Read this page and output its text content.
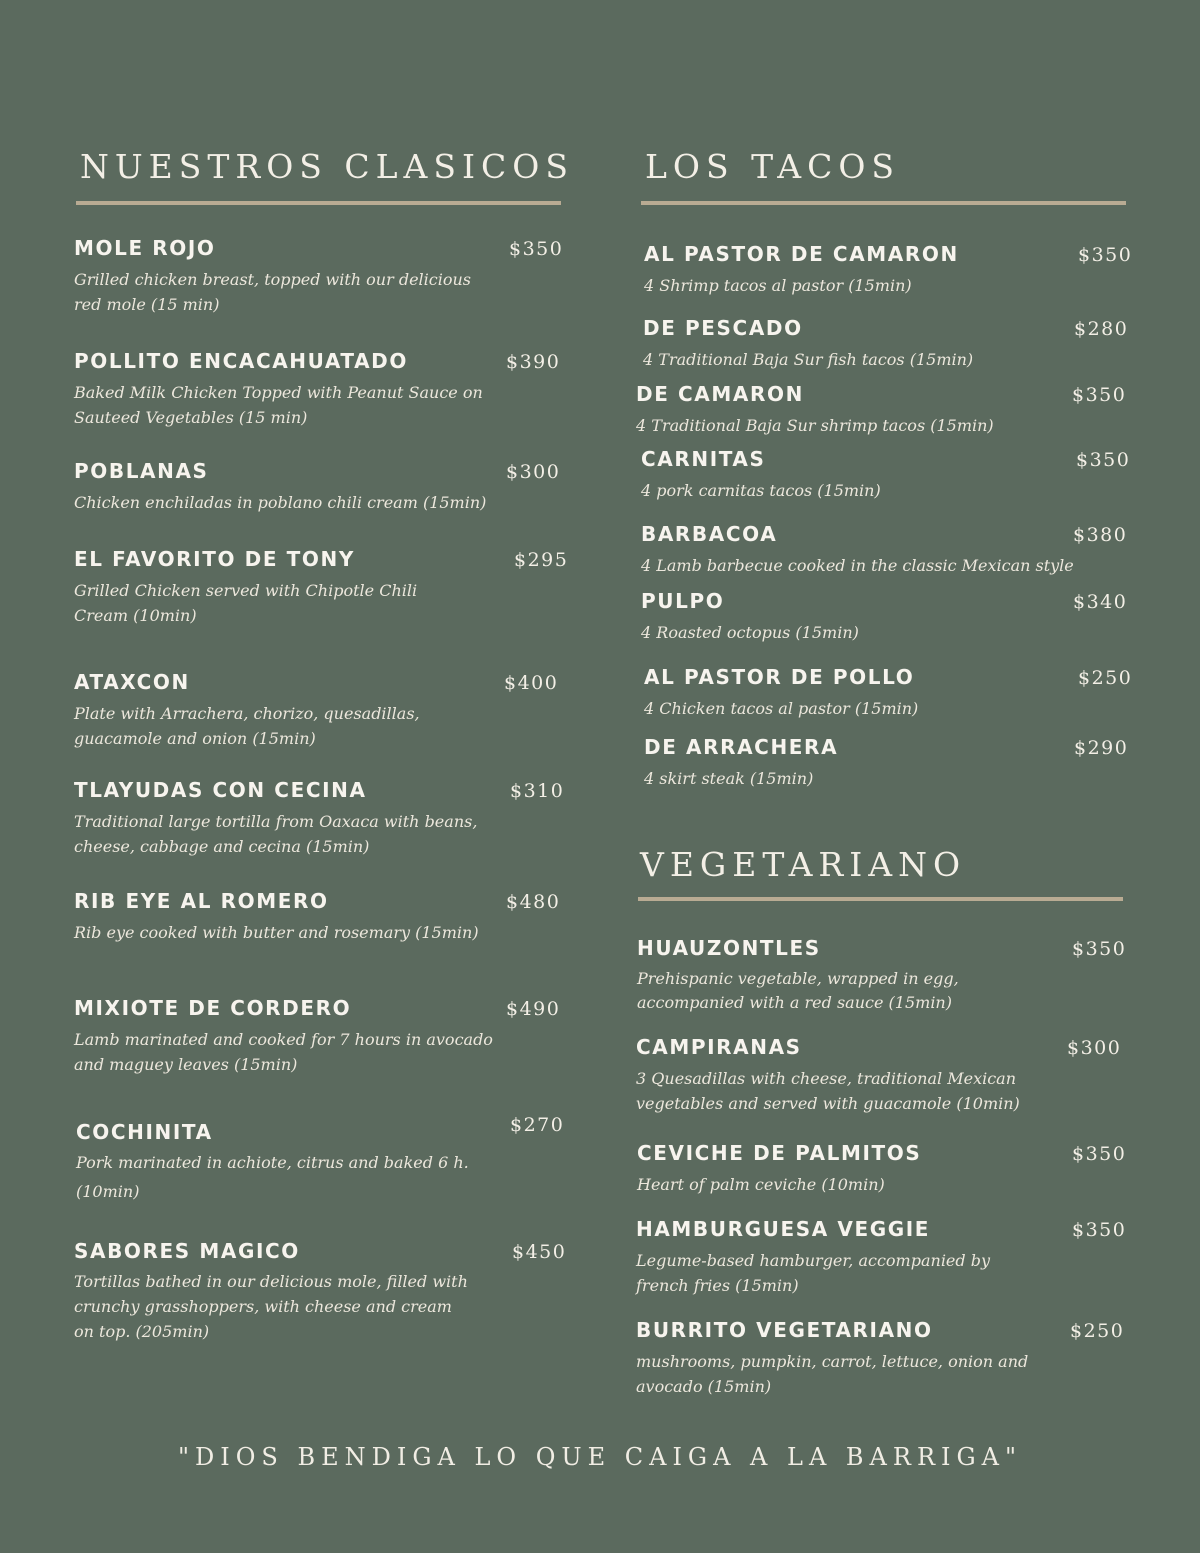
NUESTROS CLASICOS
MOLE ROJO	$350
Grilled chicken breast, topped with our delicious red mole (15 min)
POLLITO ENCACAHUATADO	$390
Baked Milk Chicken Topped with Peanut Sauce on Sauteed Vegetables (15 min)
POBLANAS	$300
Chicken enchiladas in poblano chili cream (15min)
EL FAVORITO DE TONY	$295
Grilled Chicken served with Chipotle Chili Cream (10min)
ATAXCON	$400
Plate with Arrachera, chorizo, quesadillas, guacamole and onion (15min)
TLAYUDAS CON CECINA	$310
Traditional large tortilla from Oaxaca with beans, cheese, cabbage and cecina (15min)
RIB EYE AL ROMERO	$480
Rib eye cooked with butter and rosemary (15min)
MIXIOTE DE CORDERO	$490
Lamb marinated and cooked for 7 hours in avocado and maguey leaves (15min)
COCHINITA	$270
Pork marinated in achiote, citrus and baked 6 h. (10min)
SABORES MAGICO	$450
Tortillas bathed in our delicious mole, filled with crunchy grasshoppers, with cheese and cream on top. (205min)
LOS TACOS
AL PASTOR DE CAMARON	$350
4 Shrimp tacos al pastor (15min)
DE PESCADO	$280
4 Traditional Baja Sur fish tacos (15min)
DE CAMARON	$350
4 Traditional Baja Sur shrimp tacos (15min)
CARNITAS	$350
4 pork carnitas tacos (15min)
BARBACOA	$380
4 Lamb barbecue cooked in the classic Mexican style
PULPO	$340
4 Roasted octopus (15min)
AL PASTOR DE POLLO	$250
4 Chicken tacos al pastor (15min)
DE ARRACHERA	$290
4 skirt steak (15min)
VEGETARIANO
HUAUZONTLES	$350
Prehispanic vegetable, wrapped in egg, accompanied with a red sauce (15min)
CAMPIRANAS	$300
3 Quesadillas with cheese, traditional Mexican vegetables and served with guacamole (10min)
CEVICHE DE PALMITOS	$350
Heart of palm ceviche (10min)
HAMBURGUESA VEGGIE	$350
Legume-based hamburger, accompanied by french fries (15min)
BURRITO VEGETARIANO	$250
mushrooms, pumpkin, carrot, lettuce, onion and avocado (15min)
"DIOS BENDIGA LO QUE CAIGA A LA BARRIGA"
